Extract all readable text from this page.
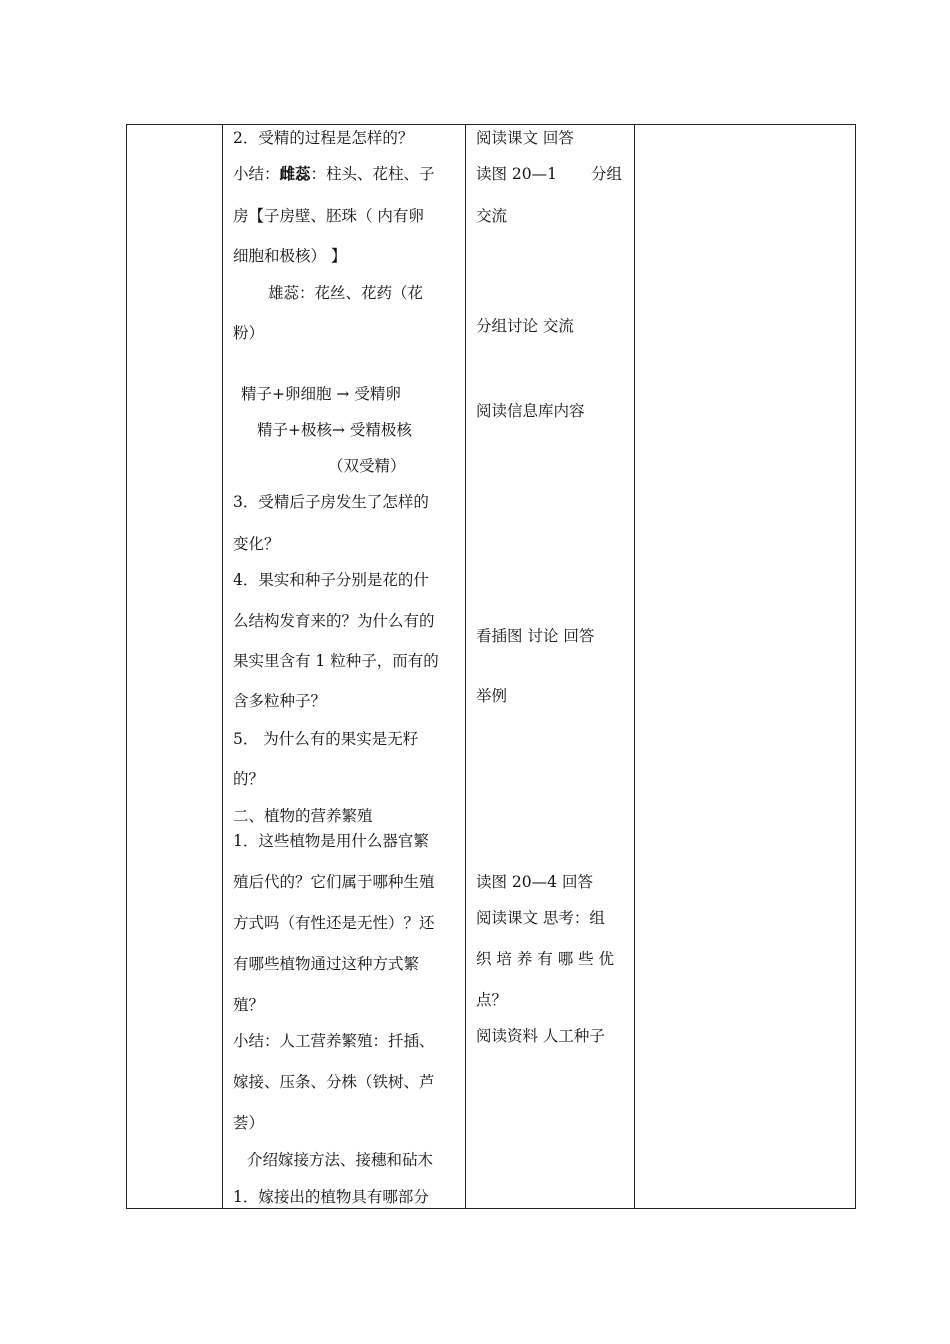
2．受精的过程是怎样的？
小结：雌蕊：柱头、花柱、子
房【子房壁、胚珠（ 内有卵
细胞和极核） 】
雄蕊：花丝、花药（花
粉）
精子+卵细胞 → 受精卵
精子+极核→ 受精极核
（双受精）
3．受精后子房发生了怎样的
变化？
4．果实和种子分别是花的什
么结构发育来的？为什么有的
果实里含有 1 粒种子，而有的
含多粒种子？
5． 为什么有的果实是无籽
的？
二、植物的营养繁殖
1．这些植物是用什么器官繁
殖后代的？它们属于哪种生殖
方式吗（有性还是无性）？还
有哪些植物通过这种方式繁
殖？
小结：人工营养繁殖：扦插、
嫁接、压条、分株（铁树、芦
荟）
介绍嫁接方法、接穗和砧木
1．嫁接出的植物具有哪部分
阅读课文 回答
读图 20—1 分组
交流
分组讨论 交流
阅读信息库内容
看插图 讨论 回答
举例
读图 20—4 回答
阅读课文 思考：组
织 培 养 有 哪 些 优
点？
阅读资料 人工种子
